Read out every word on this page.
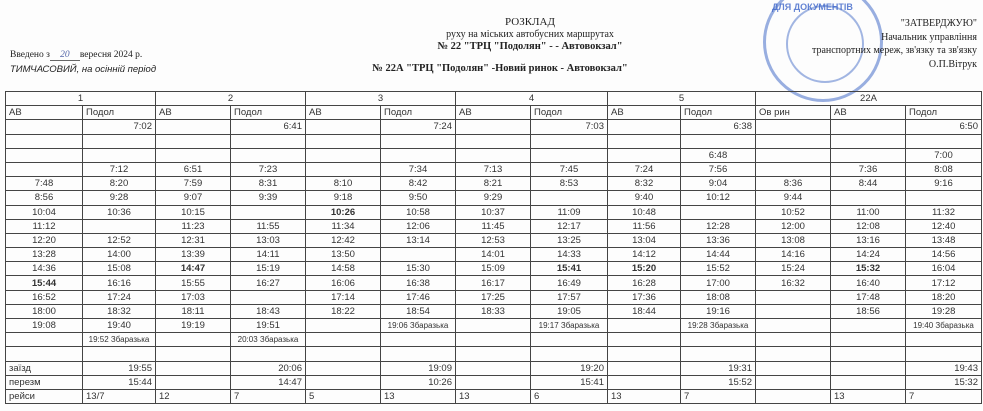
РОЗКЛАД
руху на міських автобусних маршрутах
№ 22 "ТРЦ "Подолян" - - Автовокзал"
№ 22А "ТРЦ "Подолян" -Новий ринок - Автовокзал"
Введено з 20 вересня 2024 р.
ТИМЧАСОВИЙ, на осінній період
ДЛЯ ДОКУМЕНТІВ
"ЗАТВЕРДЖУЮ"
Начальник управління
транспортних мереж, зв'язку та зв'язку
О.П.Вітрук
1		2		3		4		5		22А		
АВ	Подол	АВ	Подол	АВ	Подол	АВ	Подол	АВ	Подол	Ов рин	АВ	Подол
	7:02		6:41		7:24		7:03		6:38			6:50

									6:48			7:00
	7:12	6:51	7:23		7:34	7:13	7:45	7:24	7:56		7:36	8:08
7:48	8:20	7:59	8:31	8:10	8:42	8:21	8:53	8:32	9:04	8:36	8:44	9:16
8:56	9:28	9:07	9:39	9:18	9:50	9:29		9:40	10:12	9:44		
10:04	10:36	10:15		10:26	10:58	10:37	11:09	10:48		10:52	11:00	11:32
11:12		11:23	11:55	11:34	12:06	11:45	12:17	11:56	12:28	12:00	12:08	12:40
12:20	12:52	12:31	13:03	12:42	13:14	12:53	13:25	13:04	13:36	13:08	13:16	13:48
13:28	14:00	13:39	14:11	13:50		14:01	14:33	14:12	14:44	14:16	14:24	14:56
14:36	15:08	14:47	15:19	14:58	15:30	15:09	15:41	15:20	15:52	15:24	15:32	16:04
15:44	16:16	15:55	16:27	16:06	16:38	16:17	16:49	16:28	17:00	16:32	16:40	17:12
16:52	17:24	17:03		17:14	17:46	17:25	17:57	17:36	18:08		17:48	18:20
18:00	18:32	18:11	18:43	18:22	18:54	18:33	19:05	18:44	19:16		18:56	19:28
19:08	19:40	19:19	19:51		19:06 Збаразька		19:17 Збаразька		19:28 Збаразька			19:40 Збаразька
	19:52 Збаразька		20:03 Збаразька									

заїзд	19:55		20:06		19:09		19:20		19:31			19:43
перезм	15:44		14:47		10:26		15:41		15:52			15:32
рейси	13/7	12	7	5	13	13	6	13	7		13	7
